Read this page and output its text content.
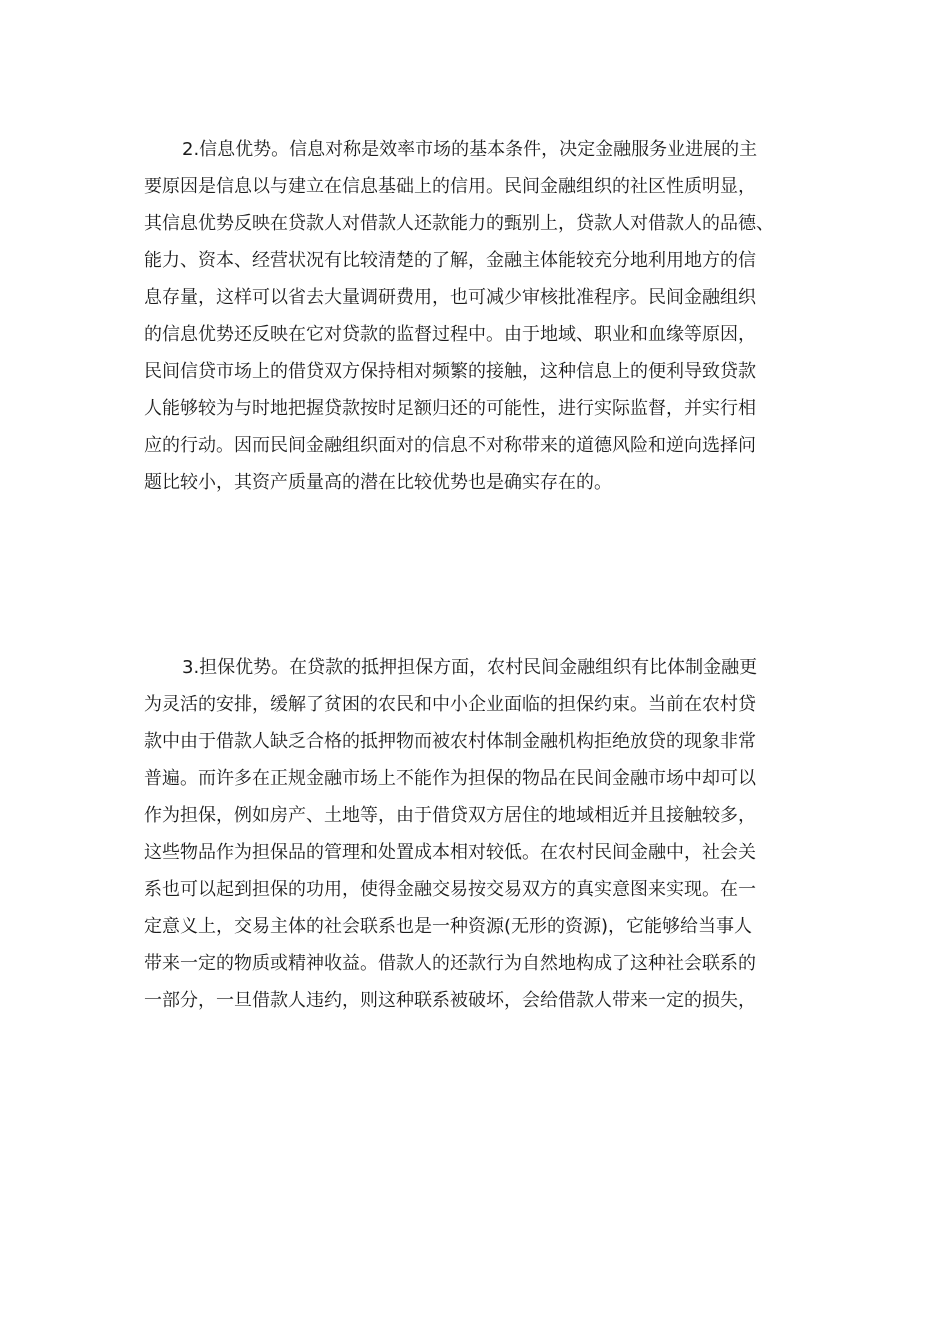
2.信息优势。信息对称是效率市场的基本条件，决定金融服务业进展的主
要原因是信息以与建立在信息基础上的信用。民间金融组织的社区性质明显，
其信息优势反映在贷款人对借款人还款能力的甄别上，贷款人对借款人的品德、
能力、资本、经营状况有比较清楚的了解，金融主体能较充分地利用地方的信
息存量，这样可以省去大量调研费用，也可减少审核批准程序。民间金融组织
的信息优势还反映在它对贷款的监督过程中。由于地域、职业和血缘等原因，
民间信贷市场上的借贷双方保持相对频繁的接触，这种信息上的便利导致贷款
人能够较为与时地把握贷款按时足额归还的可能性，进行实际监督，并实行相
应的行动。因而民间金融组织面对的信息不对称带来的道德风险和逆向选择问
题比较小，其资产质量高的潜在比较优势也是确实存在的。
3.担保优势。在贷款的抵押担保方面，农村民间金融组织有比体制金融更
为灵活的安排，缓解了贫困的农民和中小企业面临的担保约束。当前在农村贷
款中由于借款人缺乏合格的抵押物而被农村体制金融机构拒绝放贷的现象非常
普遍。而许多在正规金融市场上不能作为担保的物品在民间金融市场中却可以
作为担保，例如房产、土地等，由于借贷双方居住的地域相近并且接触较多，
这些物品作为担保品的管理和处置成本相对较低。在农村民间金融中，社会关
系也可以起到担保的功用，使得金融交易按交易双方的真实意图来实现。在一
定意义上，交易主体的社会联系也是一种资源(无形的资源)，它能够给当事人
带来一定的物质或精神收益。借款人的还款行为自然地构成了这种社会联系的
一部分，一旦借款人违约，则这种联系被破坏，会给借款人带来一定的损失，
